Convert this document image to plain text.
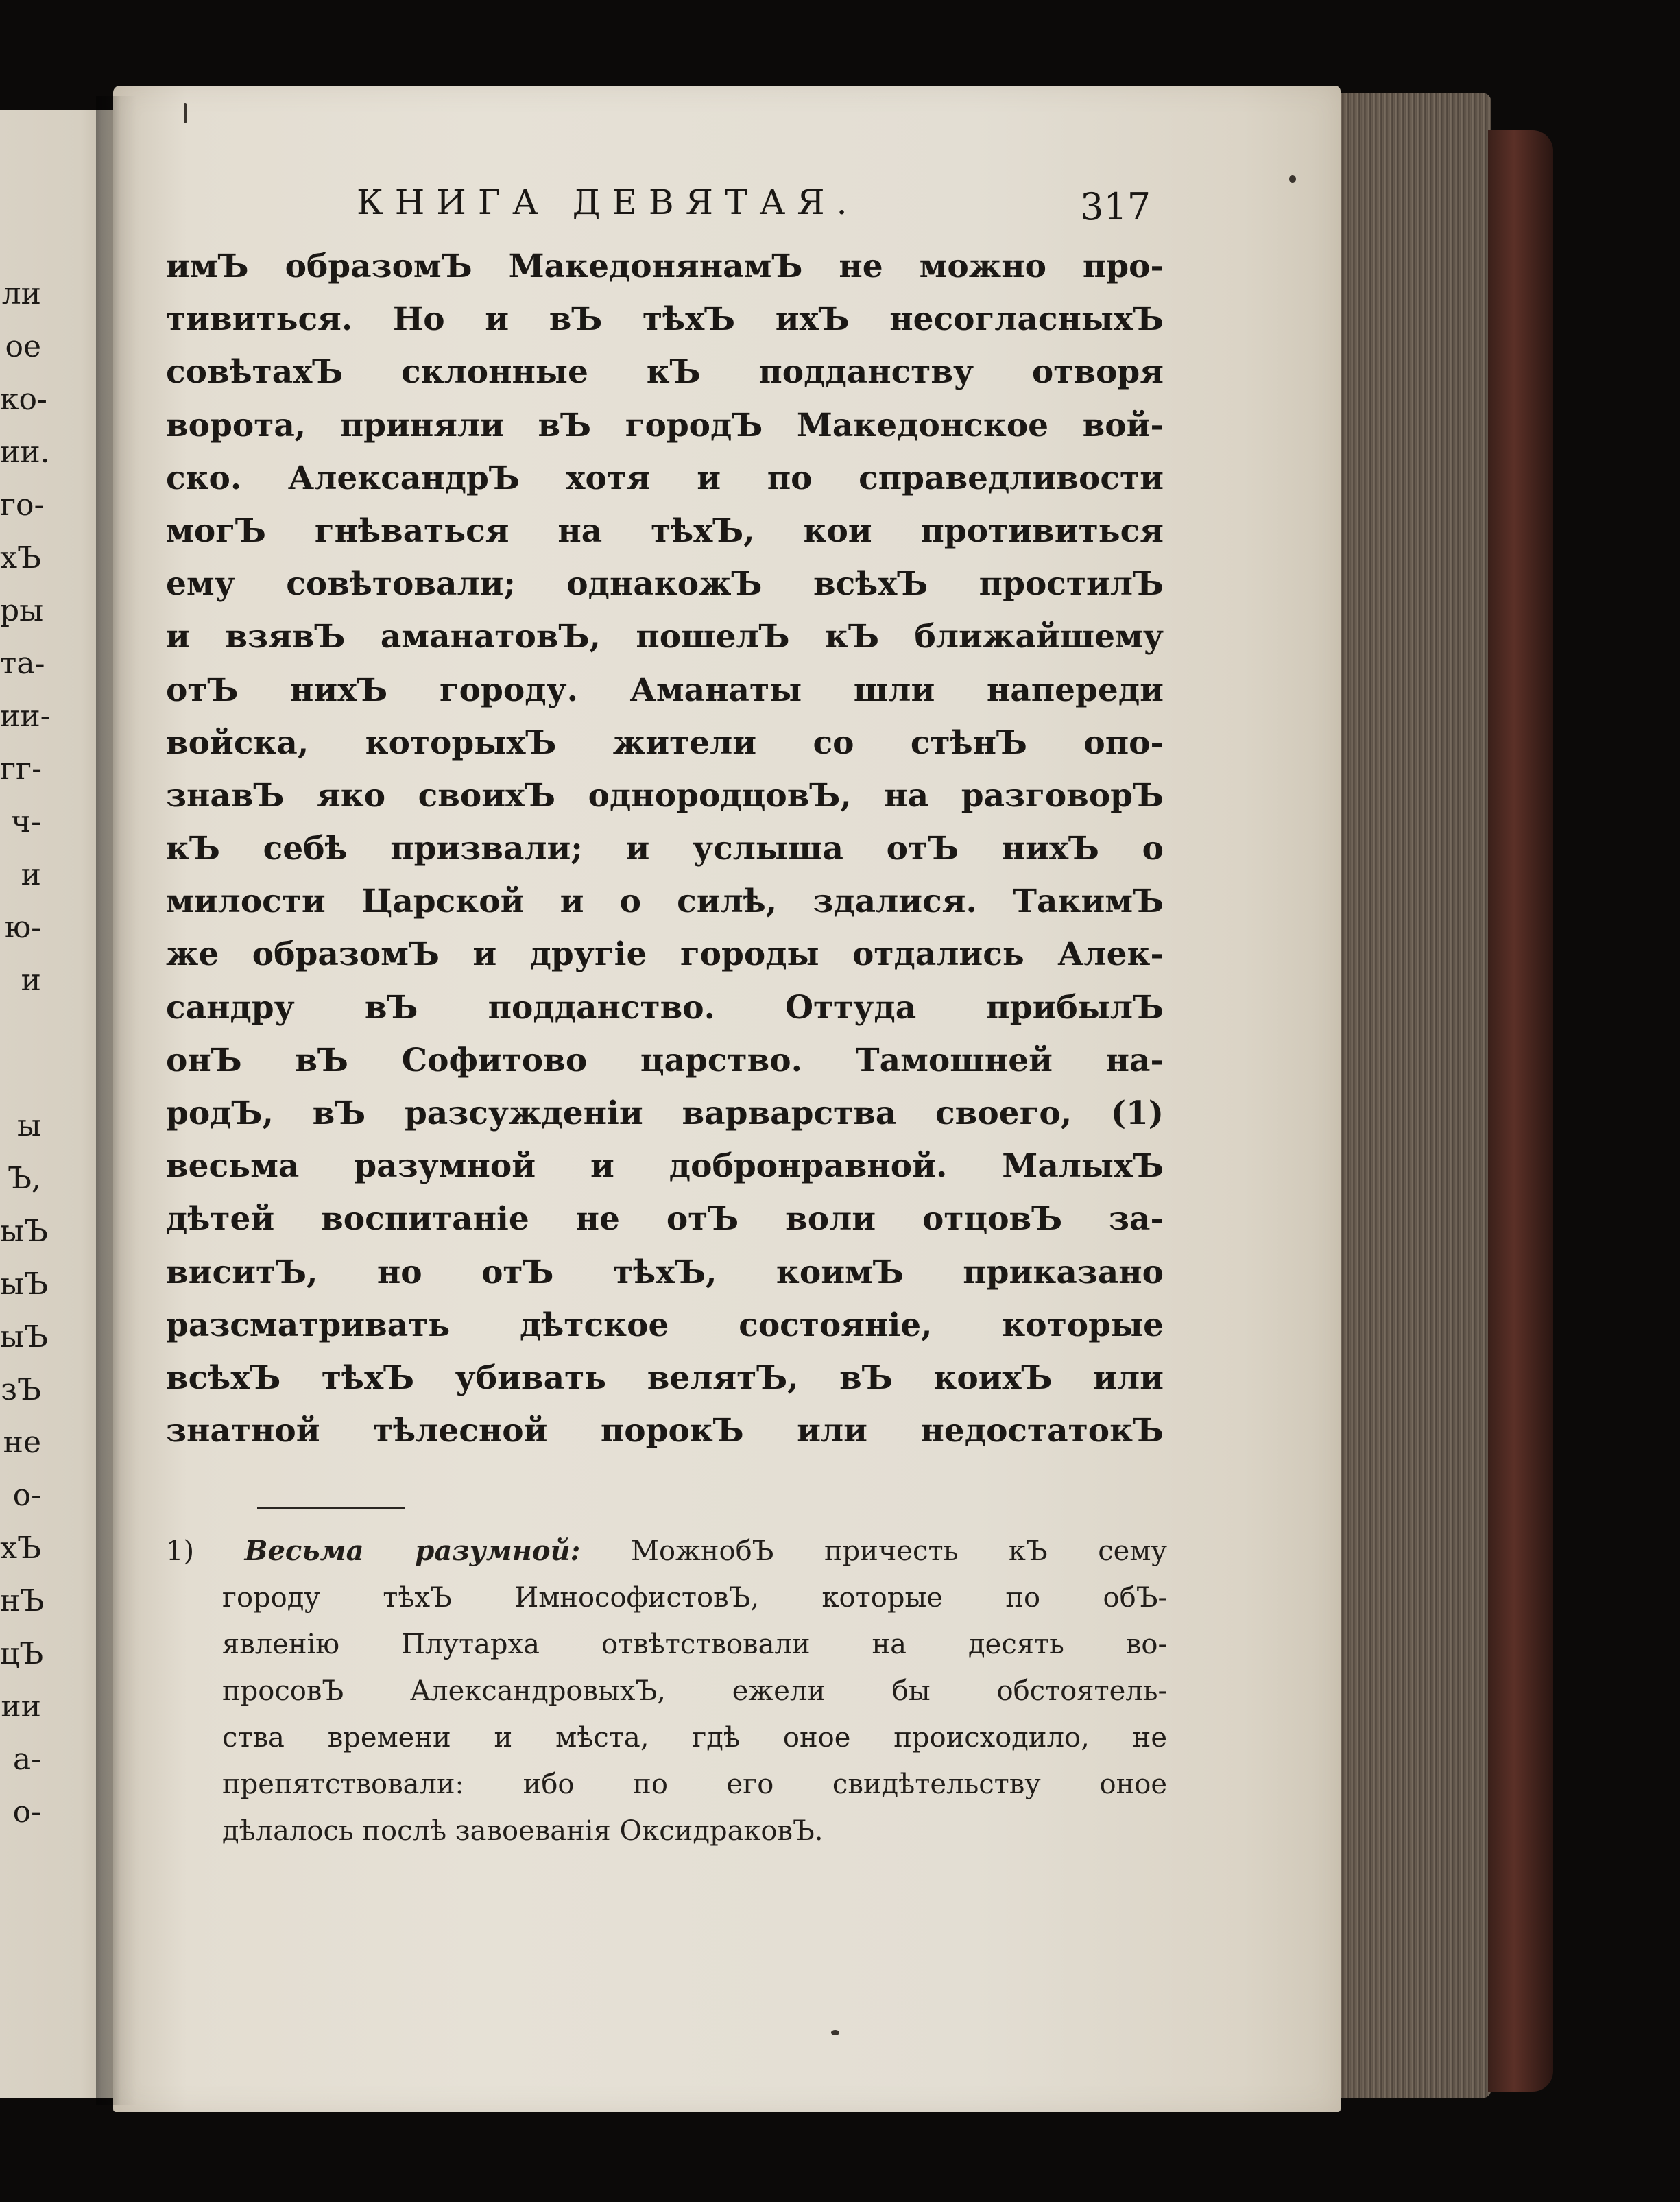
ли
ое
ко-
ии.
го-
хЪ
ры
та-
ии-
гг-
ч-
и
ю-
и
ы
Ъ,
ыЪ
ыЪ
ыЪ
зЪ
не
о-
хЪ
нЪ
цЪ
ии
а-
о-
КНИГА ДЕВЯТАЯ.	317
имЪ образомЪ МакедонянамЪ не можно про-
тивиться. Но и вЪ тѣхЪ ихЪ несогласныхЪ
совѣтахЪ склонные кЪ подданству отворя
ворота, приняли вЪ городЪ Македонское вой-
ско. АлександрЪ хотя и по справедливости
могЪ гнѣваться на тѣхЪ, кои противиться
ему совѣтовали; однакожЪ всѣхЪ простилЪ
и взявЪ аманатовЪ, пошелЪ кЪ ближайшему
отЪ нихЪ городу. Аманаты шли напереди
войска, которыхЪ жители со стѣнЪ опо-
знавЪ яко своихЪ однородцовЪ, на разговорЪ
кЪ себѣ призвали; и услыша отЪ нихЪ о
милости Царской и о силѣ, здалися. ТакимЪ
же образомЪ и другіе городы отдались Алек-
сандру вЪ подданство. Оттуда прибылЪ
онЪ вЪ Софитово царство. Тамошней на-
родЪ, вЪ разсужденіи варварства своего, (1)
весьма разумной и добронравной. МалыхЪ
дѣтей воспитаніе не отЪ воли отцовЪ за-
виситЪ, но отЪ тѣхЪ, коимЪ приказано
разсматривать дѣтское состояніе, которые
всѣхЪ тѣхЪ убивать велятЪ, вЪ коихЪ или
знатной тѣлесной порокЪ или недостатокЪ
1) Весьма разумной: МожнобЪ причесть кЪ сему
городу тѣхЪ ИмнософистовЪ, которые по обЪ-
явленію Плутарха отвѣтствовали на десять во-
просовЪ АлександровыхЪ, ежели бы обстоятель-
ства времени и мѣста, гдѣ оное происходило, не
препятствовали: ибо по его свидѣтельству оное
дѣлалось послѣ завоеванія ОксидраковЪ.
